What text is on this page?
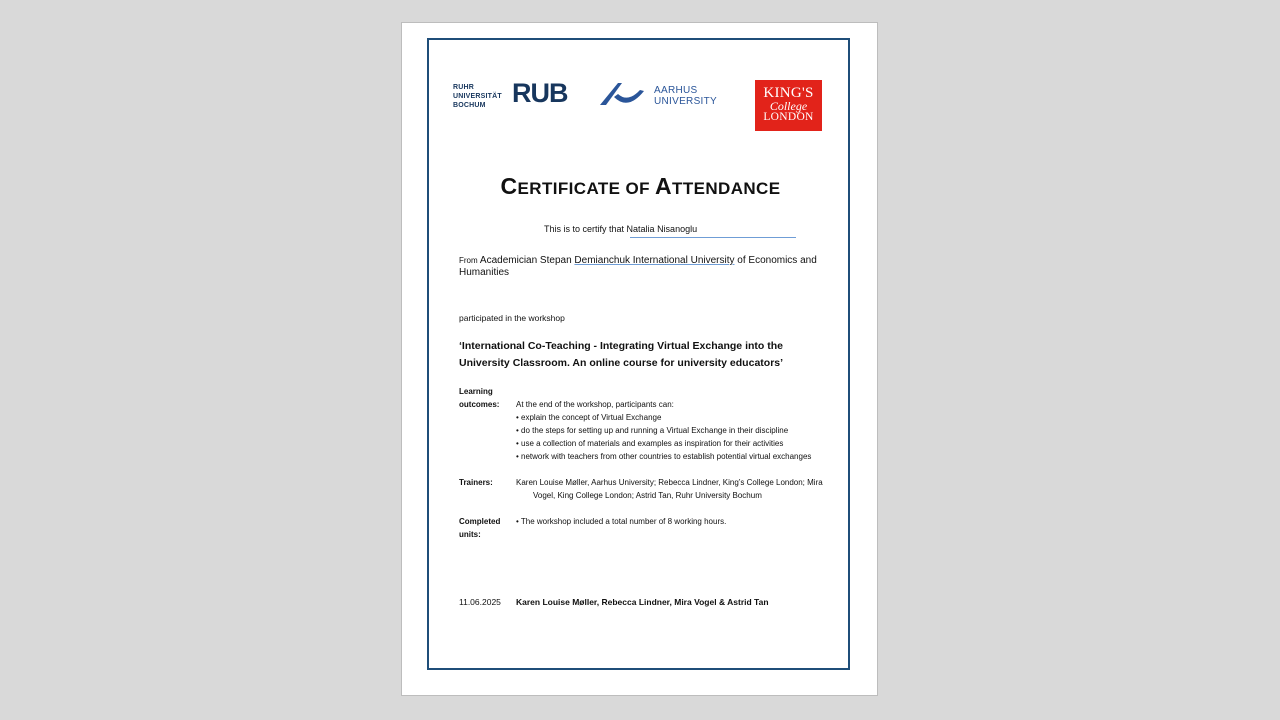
RUHR
UNIVERSITÄT
BOCHUM RUB	AARHUS
UNIVERSITY
KING'S
College
LONDON
CERTIFICATE OF ATTENDANCE
This is to certify that Natalia Nisanoglu
From Academician Stepan Demianchuk International University of Economics and Humanities
participated in the workshop
‘International Co-Teaching - Integrating Virtual Exchange into the University Classroom. An online course for university educators’
Learning
outcomes:	At the end of the workshop, participants can:
• explain the concept of Virtual Exchange
• do the steps for setting up and running a Virtual Exchange in their discipline
• use a collection of materials and examples as inspiration for their activities
• network with teachers from other countries to establish potential virtual exchanges
Trainers:	Karen Louise Møller, Aarhus University; Rebecca Lindner, King’s College London; Mira
Vogel, King College London; Astrid Tan, Ruhr University Bochum
Completed
units:
• The workshop included a total number of 8 working hours.
11.06.2025 Karen Louise Møller, Rebecca Lindner, Mira Vogel & Astrid Tan
